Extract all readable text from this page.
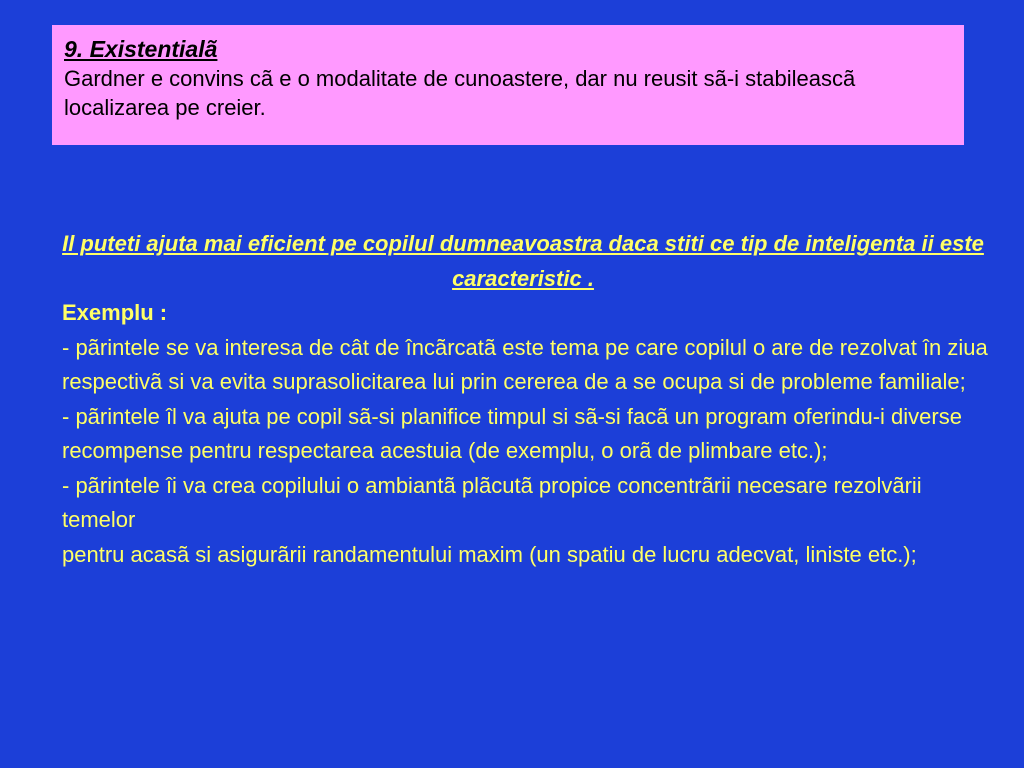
9. Existentialã
Gardner e convins cã e o modalitate de cunoastere, dar nu reusit sã-i stabileascã localizarea pe creier.
Il puteti ajuta mai eficient pe copilul dumneavoastra daca stiti ce tip de inteligenta ii este caracteristic .
Exemplu :

- pãrintele se va interesa de cât de încãrcatã este tema pe care copilul o are de rezolvat în ziua respectivã si va evita suprasolicitarea lui prin cererea de a se ocupa si de probleme familiale;

- pãrintele îl va ajuta pe copil sã-si planifice timpul si sã-si facã un program oferindu-i diverse recompense pentru respectarea acestuia (de exemplu, o orã de plimbare etc.);

- pãrintele îi va crea copilului o ambiantã plãcutã propice concentrãrii necesare rezolvãrii temelor

pentru acasã si asigurãrii randamentului maxim (un spatiu de lucru adecvat, liniste etc.);
